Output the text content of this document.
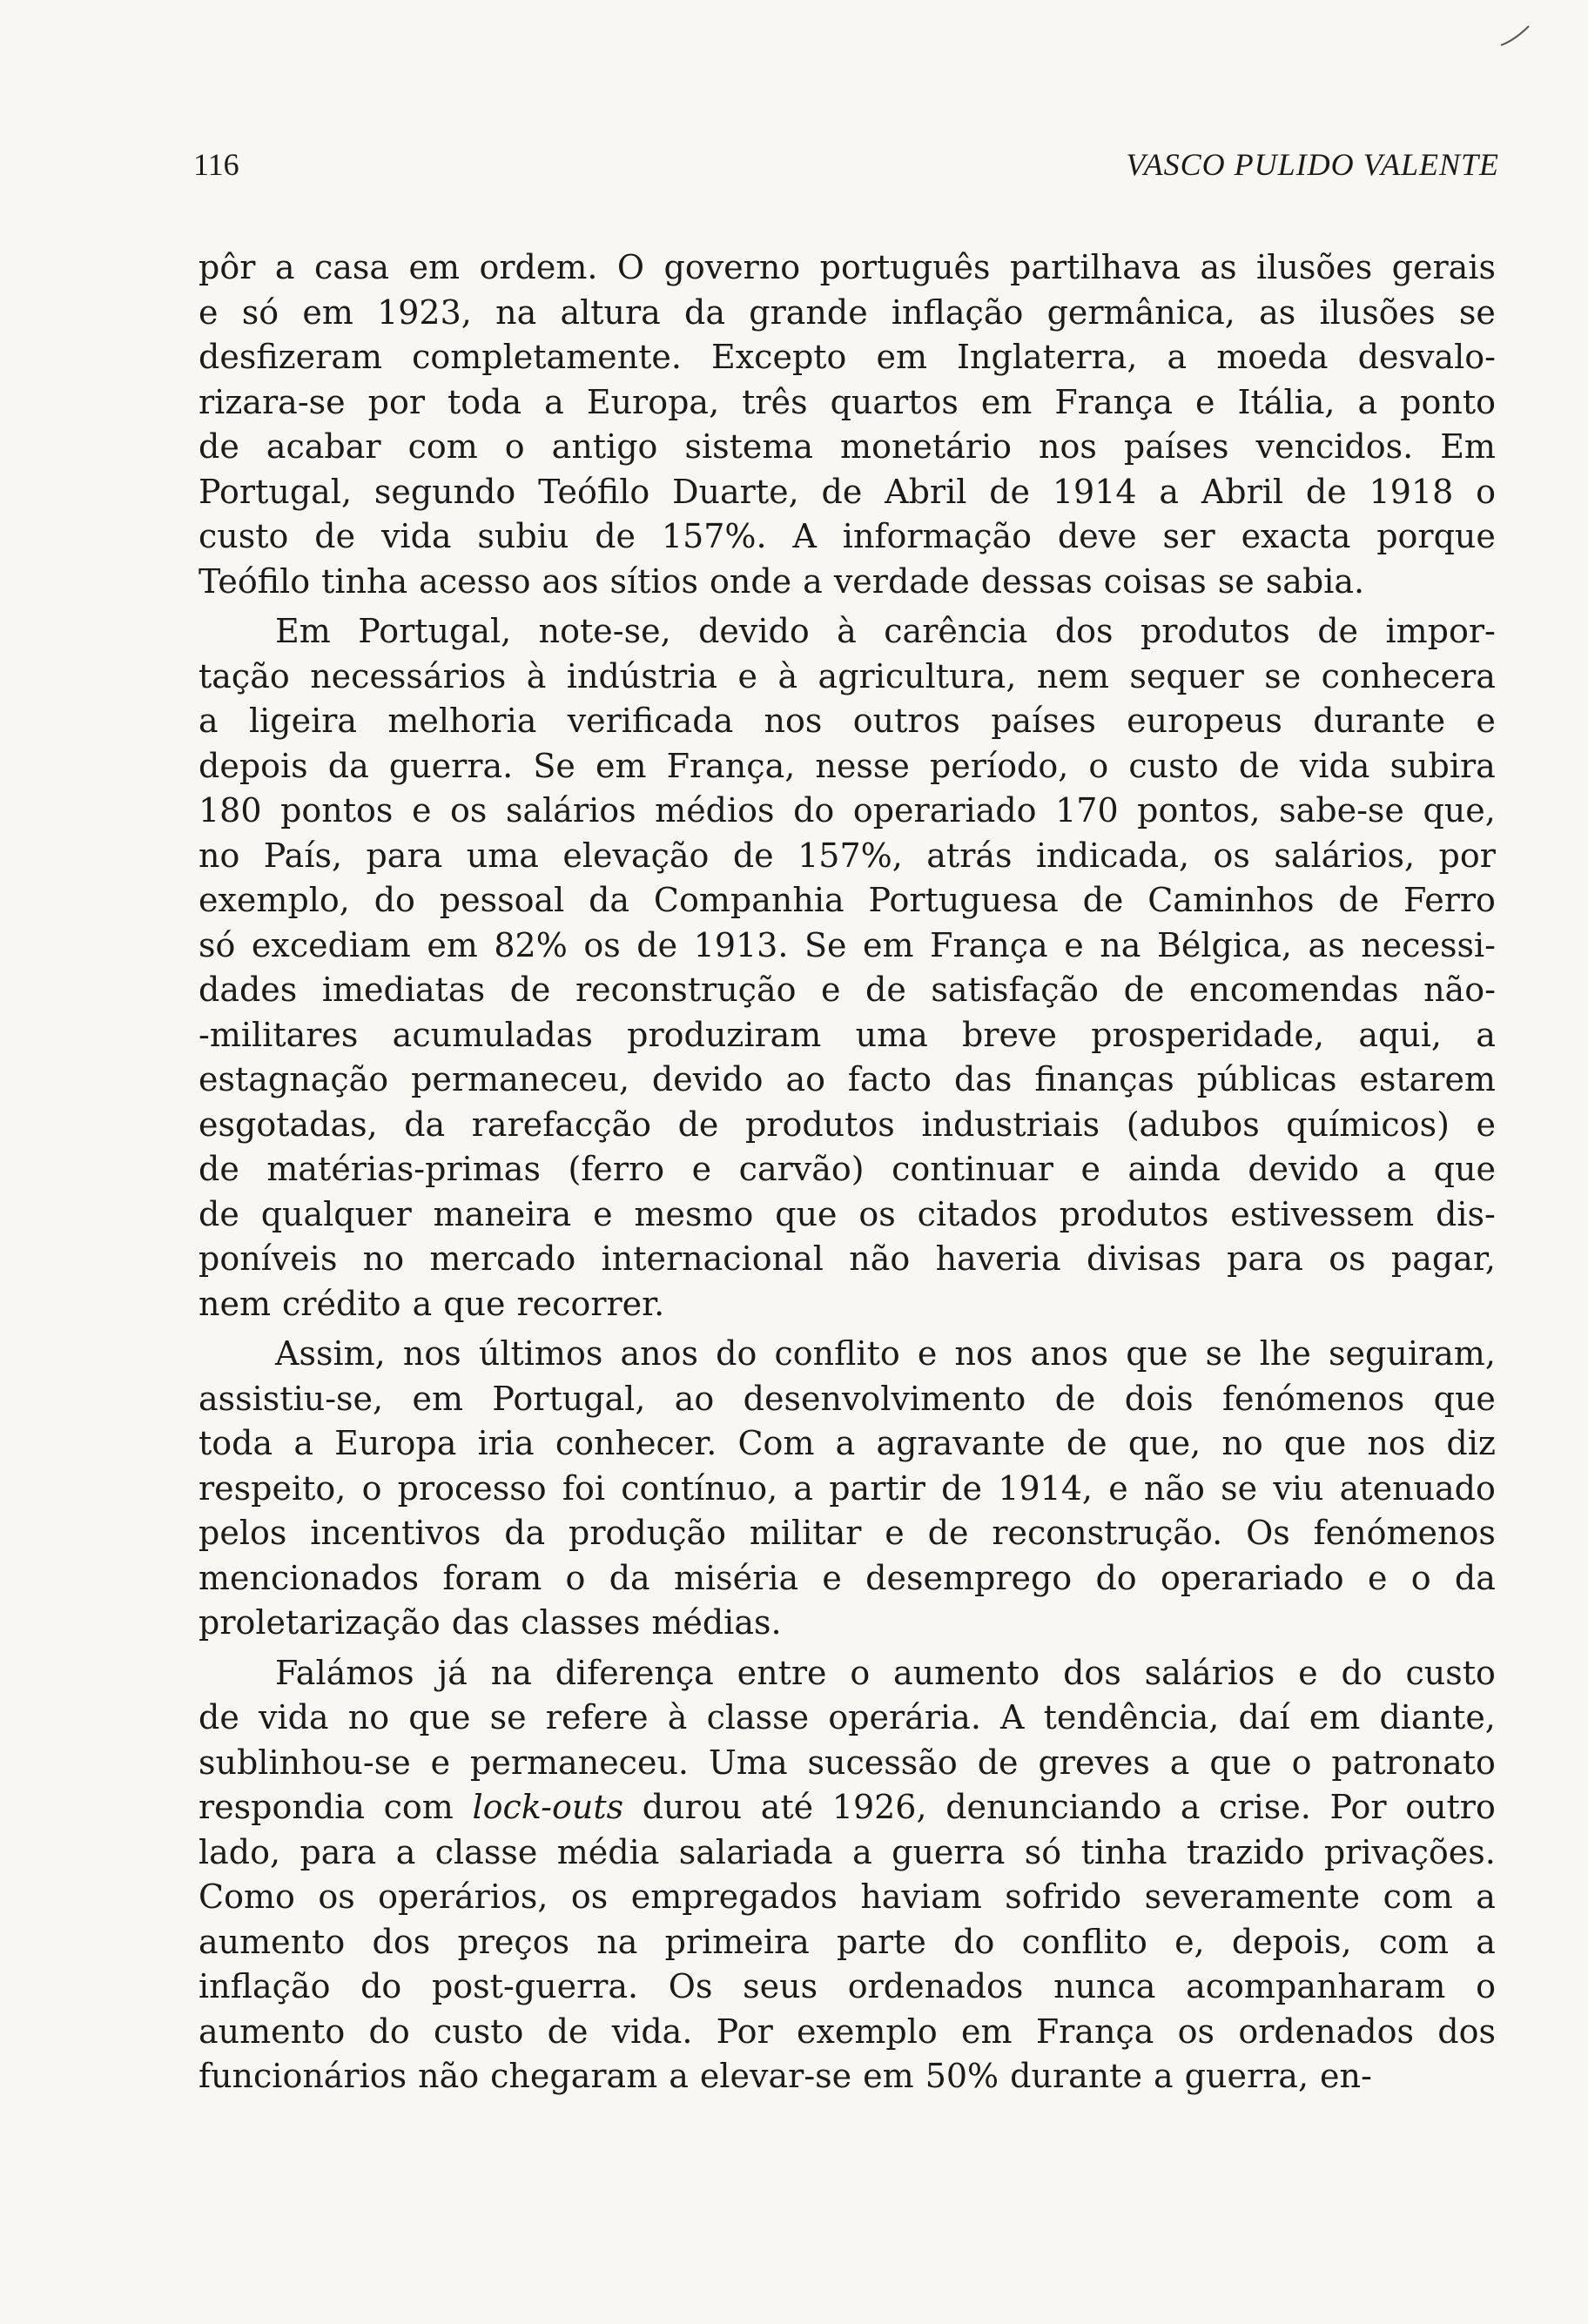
116	VASCO PULIDO VALENTE
pôr a casa em ordem. O governo português partilhava as ilusões gerais
e só em 1923, na altura da grande inflação germânica, as ilusões se
desfizeram completamente. Excepto em Inglaterra, a moeda desvalo-
rizara-se por toda a Europa, três quartos em França e Itália, a ponto
de acabar com o antigo sistema monetário nos países vencidos. Em
Portugal, segundo Teófilo Duarte, de Abril de 1914 a Abril de 1918 o
custo de vida subiu de 157%. A informação deve ser exacta porque
Teófilo tinha acesso aos sítios onde a verdade dessas coisas se sabia.
Em Portugal, note-se, devido à carência dos produtos de impor-
tação necessários à indústria e à agricultura, nem sequer se conhecera
a ligeira melhoria verificada nos outros países europeus durante e
depois da guerra. Se em França, nesse período, o custo de vida subira
180 pontos e os salários médios do operariado 170 pontos, sabe-se que,
no País, para uma elevação de 157%, atrás indicada, os salários, por
exemplo, do pessoal da Companhia Portuguesa de Caminhos de Ferro
só excediam em 82% os de 1913. Se em França e na Bélgica, as necessi-
dades imediatas de reconstrução e de satisfação de encomendas não-
-militares acumuladas produziram uma breve prosperidade, aqui, a
estagnação permaneceu, devido ao facto das finanças públicas estarem
esgotadas, da rarefacção de produtos industriais (adubos químicos) e
de matérias-primas (ferro e carvão) continuar e ainda devido a que
de qualquer maneira e mesmo que os citados produtos estivessem dis-
poníveis no mercado internacional não haveria divisas para os pagar,
nem crédito a que recorrer.
Assim, nos últimos anos do conflito e nos anos que se lhe seguiram,
assistiu-se, em Portugal, ao desenvolvimento de dois fenómenos que
toda a Europa iria conhecer. Com a agravante de que, no que nos diz
respeito, o processo foi contínuo, a partir de 1914, e não se viu atenuado
pelos incentivos da produção militar e de reconstrução. Os fenómenos
mencionados foram o da miséria e desemprego do operariado e o da
proletarização das classes médias.
Falámos já na diferença entre o aumento dos salários e do custo
de vida no que se refere à classe operária. A tendência, daí em diante,
sublinhou-se e permaneceu. Uma sucessão de greves a que o patronato
respondia com lock-outs durou até 1926, denunciando a crise. Por outro
lado, para a classe média salariada a guerra só tinha trazido privações.
Como os operários, os empregados haviam sofrido severamente com a
aumento dos preços na primeira parte do conflito e, depois, com a
inflação do post-guerra. Os seus ordenados nunca acompanharam o
aumento do custo de vida. Por exemplo em França os ordenados dos
funcionários não chegaram a elevar-se em 50% durante a guerra, en-
